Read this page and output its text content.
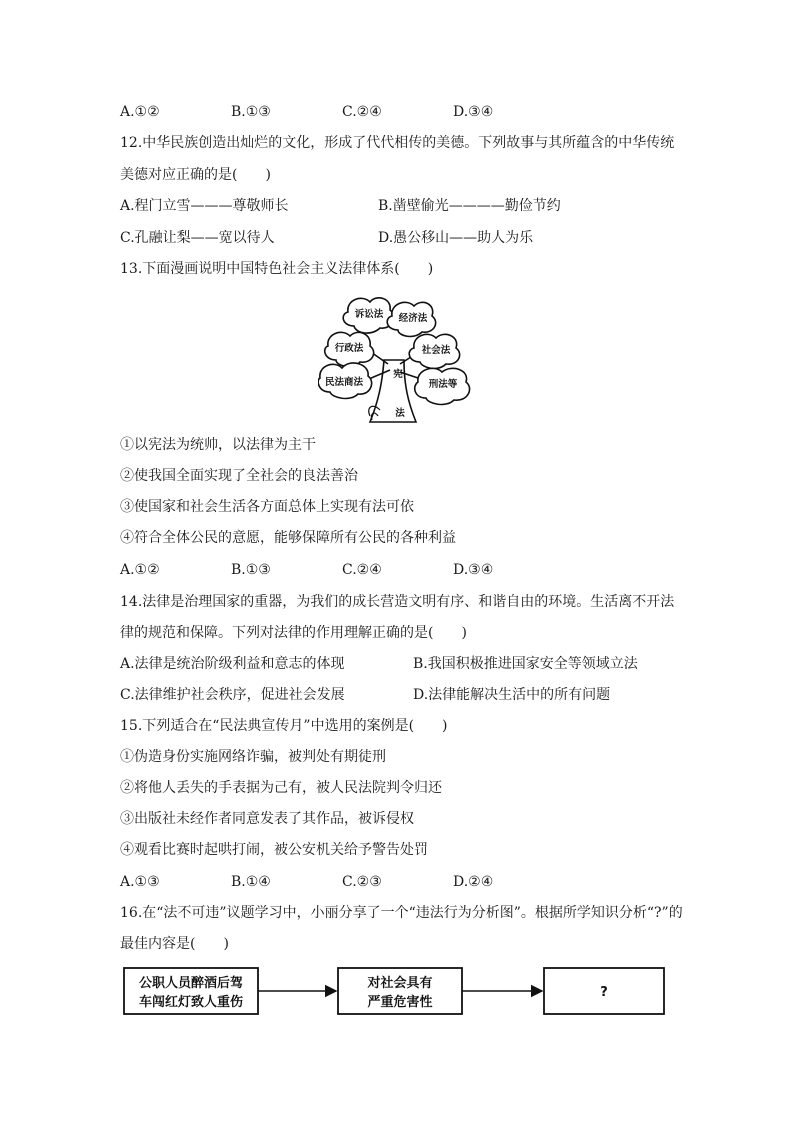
A.①②	B.①③	C.②④	D.③④
12.中华民族创造出灿烂的文化，形成了代代相传的美德。下列故事与其所蕴含的中华传统
美德对应正确的是(　　)
A.程门立雪———尊敬师长	B.凿壁偷光————勤俭节约
C.孔融让梨——宽以待人	D.愚公移山——助人为乐
13.下面漫画说明中国特色社会主义法律体系(　　)
诉讼法 经济法
行政法	社会法
民法商法	刑法等
宪
法
①以宪法为统帅，以法律为主干
②使我国全面实现了全社会的良法善治
③使国家和社会生活各方面总体上实现有法可依
④符合全体公民的意愿，能够保障所有公民的各种利益
A.①②	B.①③	C.②④	D.③④
14.法律是治理国家的重器，为我们的成长营造文明有序、和谐自由的环境。生活离不开法
律的规范和保障。下列对法律的作用理解正确的是(　　)
A.法律是统治阶级利益和意志的体现	B.我国积极推进国家安全等领域立法
C.法律维护社会秩序，促进社会发展	D.法律能解决生活中的所有问题
15.下列适合在“民法典宣传月”中选用的案例是(　　)
①伪造身份实施网络诈骗，被判处有期徒刑
②将他人丢失的手表据为己有，被人民法院判令归还
③出版社未经作者同意发表了其作品，被诉侵权
④观看比赛时起哄打闹，被公安机关给予警告处罚
A.①③	B.①④	C.②③	D.②④
16.在“法不可违”议题学习中，小丽分享了一个“违法行为分析图”。根据所学知识分析“?”的
最佳内容是(　　)
公职人员醉酒后驾
车闯红灯致人重伤
对社会具有
严重危害性
?
